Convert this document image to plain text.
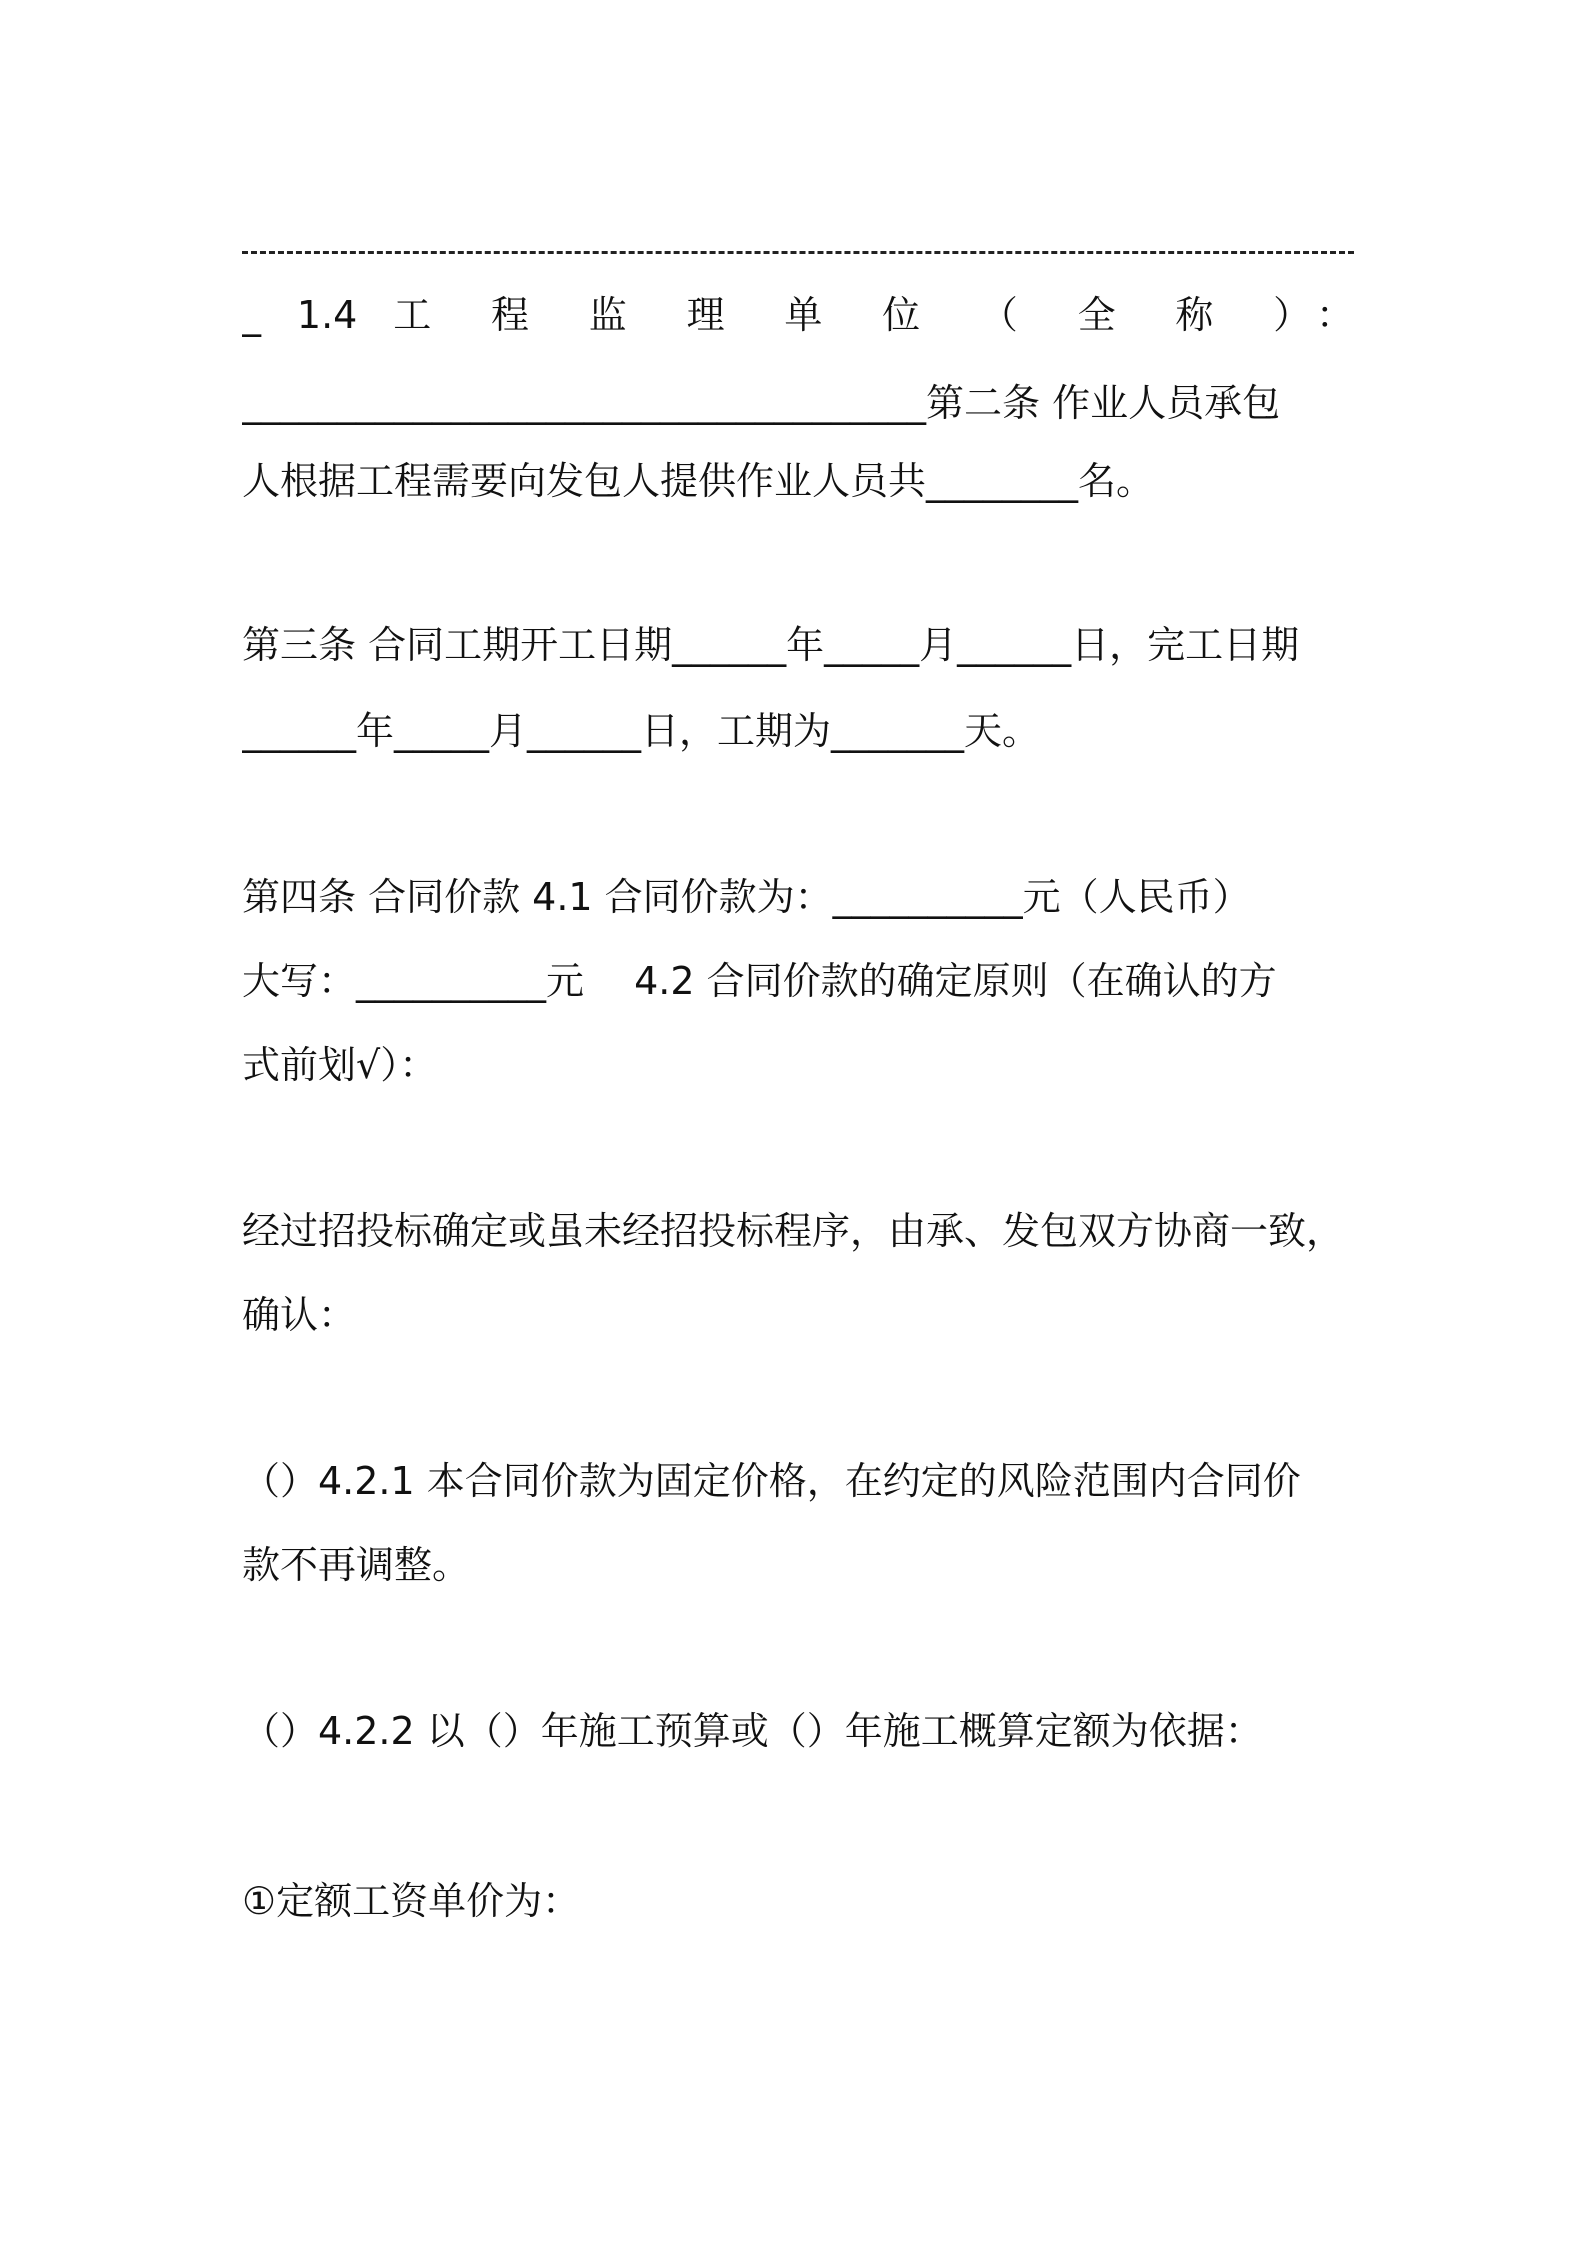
_ 1.4 工 程 监 理 单 位 （ 全 称 ）：
____________________________________第二条 作业人员承包
人根据工程需要向发包人提供作业人员共________名。
第三条 合同工期开工日期______年_____月______日，完工日期
______年_____月______日，工期为_______天。
第四条 合同价款 4.1 合同价款为：__________元（人民币）
大写：__________元　 4.2 合同价款的确定原则（在确认的方
式前划√）：
经过招投标确定或虽未经招投标程序，由承、发包双方协商一致，
确认：
（）4.2.1 本合同价款为固定价格，在约定的风险范围内合同价
款不再调整。
（）4.2.2 以（）年施工预算或（）年施工概算定额为依据：
①定额工资单价为：
